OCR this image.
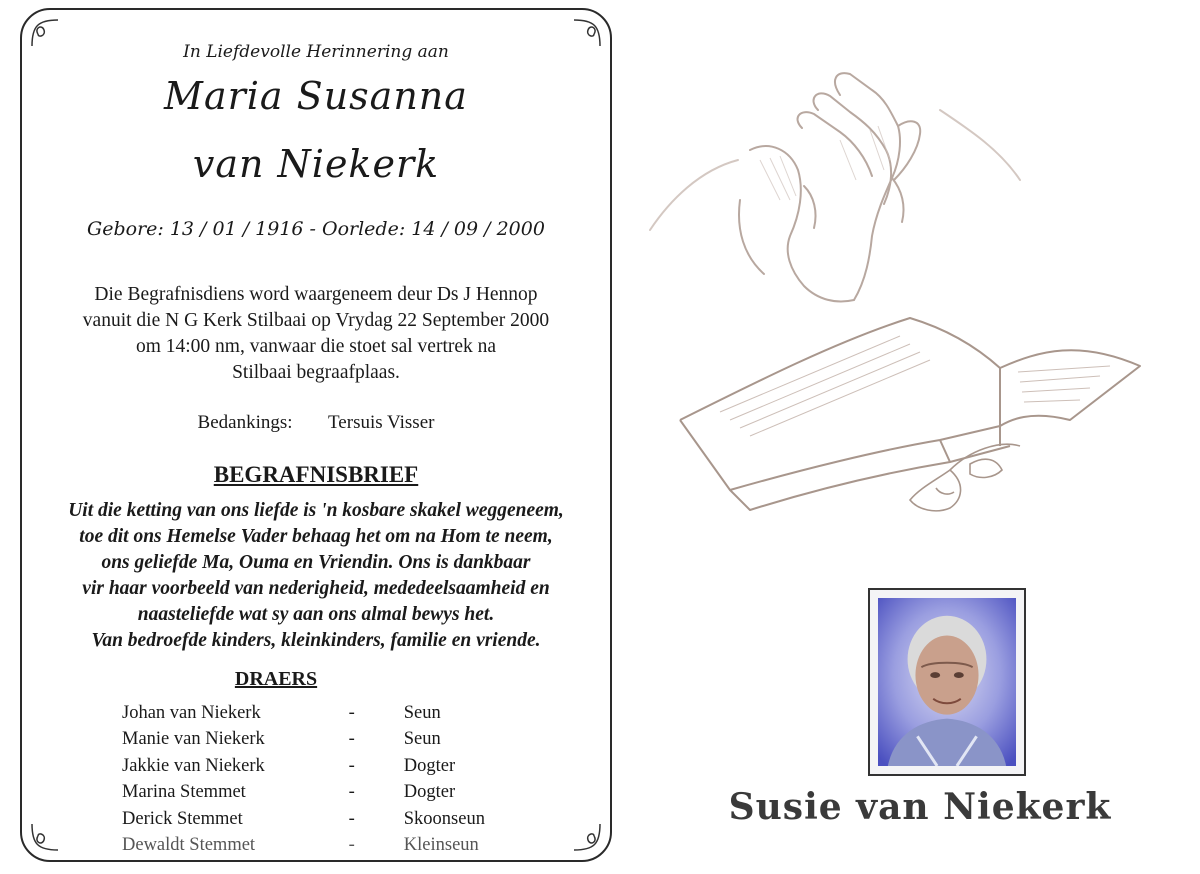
In Liefdevolle Herinnering aan
Maria Susanna
van Niekerk
Gebore: 13 / 01 / 1916 - Oorlede: 14 / 09 / 2000
Die Begrafnisdiens word waargeneem deur Ds J Hennop
vanuit die N G Kerk Stilbaai op Vrydag 22 September 2000
om 14:00 nm, vanwaar die stoet sal vertrek na
Stilbaai begraafplaas.
Bedankings: Tersuis Visser
BEGRAFNISBRIEF
Uit die ketting van ons liefde is 'n kosbare skakel weggeneem,
toe dit ons Hemelse Vader behaag het om na Hom te neem,
ons geliefde Ma, Ouma en Vriendin. Ons is dankbaar
vir haar voorbeeld van nederigheid, mededeelsaamheid en
naasteliefde wat sy aan ons almal bewys het.
Van bedroefde kinders, kleinkinders, familie en vriende.
DRAERS
Johan van Niekerk	-	Seun
Manie van Niekerk	-	Seun
Jakkie van Niekerk	-	Dogter
Marina Stemmet	-	Dogter
Derick Stemmet	-	Skoonseun
Dewaldt Stemmet	-	Kleinseun
Susie van Niekerk
